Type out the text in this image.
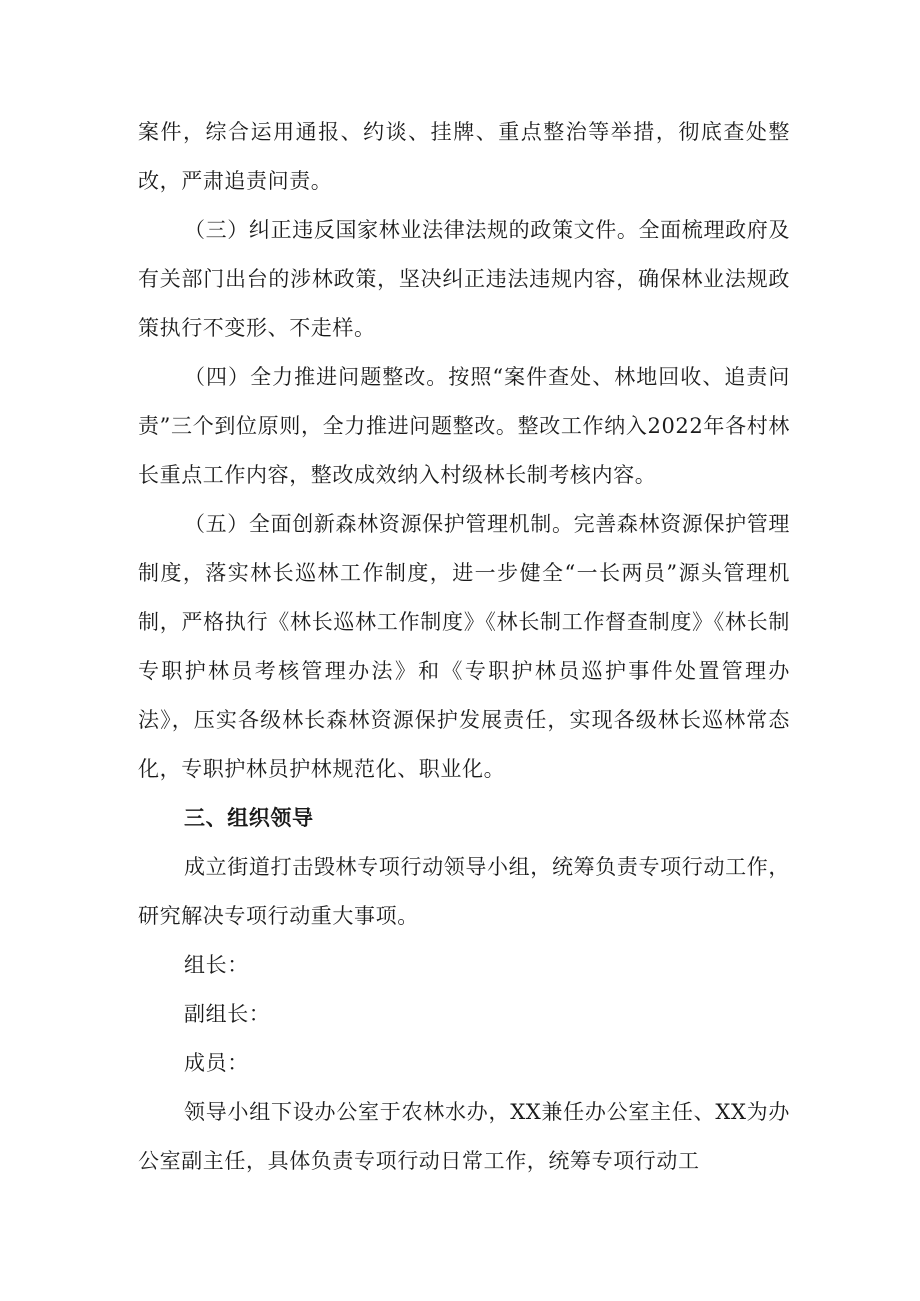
案件，综合运用通报、约谈、挂牌、重点整治等举措，彻底查处整改，严肃追责问责。

（三）纠正违反国家林业法律法规的政策文件。全面梳理政府及有关部门出台的涉林政策，坚决纠正违法违规内容，确保林业法规政策执行不变形、不走样。

（四）全力推进问题整改。按照“案件查处、林地回收、追责问责”三个到位原则，全力推进问题整改。整改工作纳入2022年各村林长重点工作内容，整改成效纳入村级林长制考核内容。

（五）全面创新森林资源保护管理机制。完善森林资源保护管理制度，落实林长巡林工作制度，进一步健全“一长两员”源头管理机制，严格执行《林长巡林工作制度》《林长制工作督查制度》《林长制专职护林员考核管理办法》和《专职护林员巡护事件处置管理办法》，压实各级林长森林资源保护发展责任，实现各级林长巡林常态化，专职护林员护林规范化、职业化。

三、组织领导

成立街道打击毁林专项行动领导小组，统筹负责专项行动工作，研究解决专项行动重大事项。

组长：

副组长：

成员：

领导小组下设办公室于农林水办，XX兼任办公室主任、XX为办公室副主任，具体负责专项行动日常工作，统筹专项行动工
